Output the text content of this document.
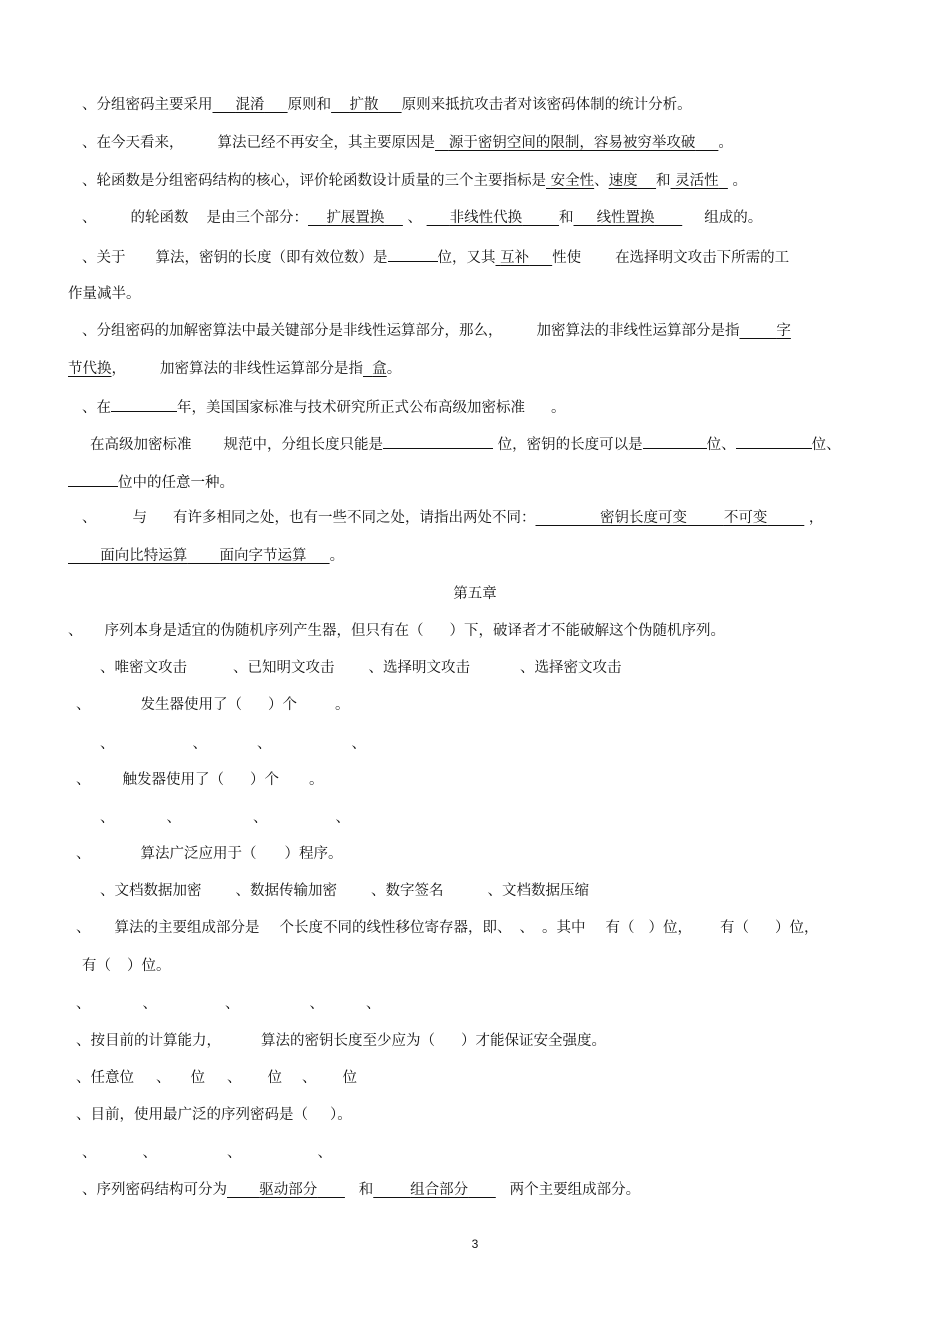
、分组密码主要采用 混淆 原则和 扩散 原则来抵抗攻击者对该密码体制的统计分析。
、在今天看来， 算法已经不再安全，其主要原因是 源于密钥空间的限制，容易被穷举攻破 。
、轮函数是分组密码结构的核心，评价轮函数设计质量的三个主要指标是 安全性、速度 和 灵活性 。
、 的轮函数 是由三个部分： 扩展置换 、 非线性代换	和 线性置换	组成的。
、关于 算法，密钥的长度（即有效位数）是	位，又其 互补 性使 在选择明文攻击下所需的工
作量减半。
、分组密码的加解密算法中最关键部分是非线性运算部分，那么， 加密算法的非线性运算部分是指	字
节代换， 加密算法的非线性运算部分是指 盒。
、在	年，美国国家标准与技术研究所正式公布高级加密标准 。
在高级加密标准 规范中，分组长度只能是	位，密钥的长度可以是	位、	位、
位中的任意一种。
、 与 有许多相同之处，也有一些不同之处，请指出两处不同：	密钥长度可变	不可变	，
面向比特运算 面向字节运算 。
第五章
、 序列本身是适宜的伪随机序列产生器，但只有在（ ）下，破译者才不能破解这个伪随机序列。
、唯密文攻击	、已知明文攻击 、选择明文攻击	、选择密文攻击
、	发生器使用了（ ）个	。
、	、	、	、
、 触发器使用了（ ）个 。
、	、	、	、
、	算法广泛应用于（ ）程序。
、文档数据加密 、数据传输加密 、数字签名	、文档数据压缩
、 算法的主要组成部分是 个长度不同的线性移位寄存器，即、 、 。其中 有（ ）位， 有（ ）位，
有（ ）位。
、	、	、	、	、
、按目前的计算能力，	算法的密钥长度至少应为（ ）才能保证安全强度。
、任意位 、 位 、 位 、 位
、目前，使用最广泛的序列密码是（ ）。
、	、	、	、
、序列密码结构可分为 驱动部分	和	组合部分	两个主要组成部分。
3
